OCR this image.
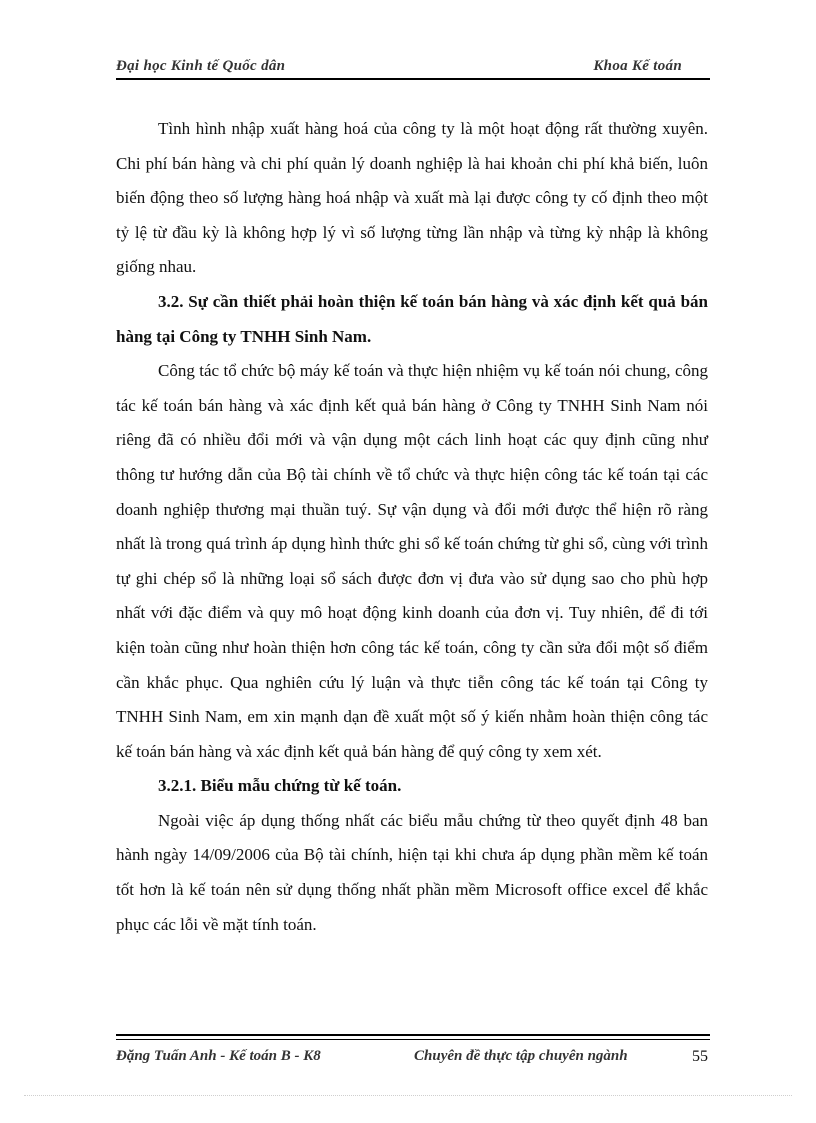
Đại học Kinh tế Quốc dân	Khoa Kế toán

Tình hình nhập xuất hàng hoá của công ty là một hoạt động rất thường xuyên. Chi phí bán hàng và chi phí quản lý doanh nghiệp là hai khoản chi phí khả biến, luôn biến động theo số lượng hàng hoá nhập và xuất mà lại được công ty cố định theo một tỷ lệ từ đầu kỳ là không hợp lý vì số lượng từng lần nhập và từng kỳ nhập là không giống nhau.

3.2. Sự cần thiết phải hoàn thiện kế toán bán hàng và xác định kết quả bán hàng tại Công ty TNHH Sinh Nam.

Công tác tổ chức bộ máy kế toán và thực hiện nhiệm vụ kế toán nói chung, công tác kế toán bán hàng và xác định kết quả bán hàng ở Công ty TNHH Sinh Nam nói riêng đã có nhiều đổi mới và vận dụng một cách linh hoạt các quy định cũng như thông tư hướng dẫn của Bộ tài chính về tổ chức và thực hiện công tác kế toán tại các doanh nghiệp thương mại thuần tuý. Sự vận dụng và đổi mới được thể hiện rõ ràng nhất là trong quá trình áp dụng hình thức ghi sổ kế toán chứng từ ghi sổ, cùng với trình tự ghi chép sổ là những loại sổ sách được đơn vị đưa vào sử dụng sao cho phù hợp nhất với đặc điểm và quy mô hoạt động kinh doanh của đơn vị. Tuy nhiên, để đi tới kiện toàn cũng như hoàn thiện hơn công tác kế toán, công ty cần sửa đổi một số điểm cần khắc phục. Qua nghiên cứu lý luận và thực tiễn công tác kế toán tại Công ty TNHH Sinh Nam, em xin mạnh dạn đề xuất một số ý kiến nhằm hoàn thiện công tác kế toán bán hàng và xác định kết quả bán hàng để quý công ty xem xét.

3.2.1. Biểu mẫu chứng từ kế toán.

Ngoài việc áp dụng thống nhất các biểu mẫu chứng từ theo quyết định 48 ban hành ngày 14/09/2006 của Bộ tài chính, hiện tại khi chưa áp dụng phần mềm kế toán tốt hơn là kế toán nên sử dụng thống nhất phần mềm Microsoft office excel để khắc phục các lỗi về mặt tính toán.

Đặng Tuấn Anh - Kế toán B - K8	Chuyên đề thực tập chuyên ngành	55
